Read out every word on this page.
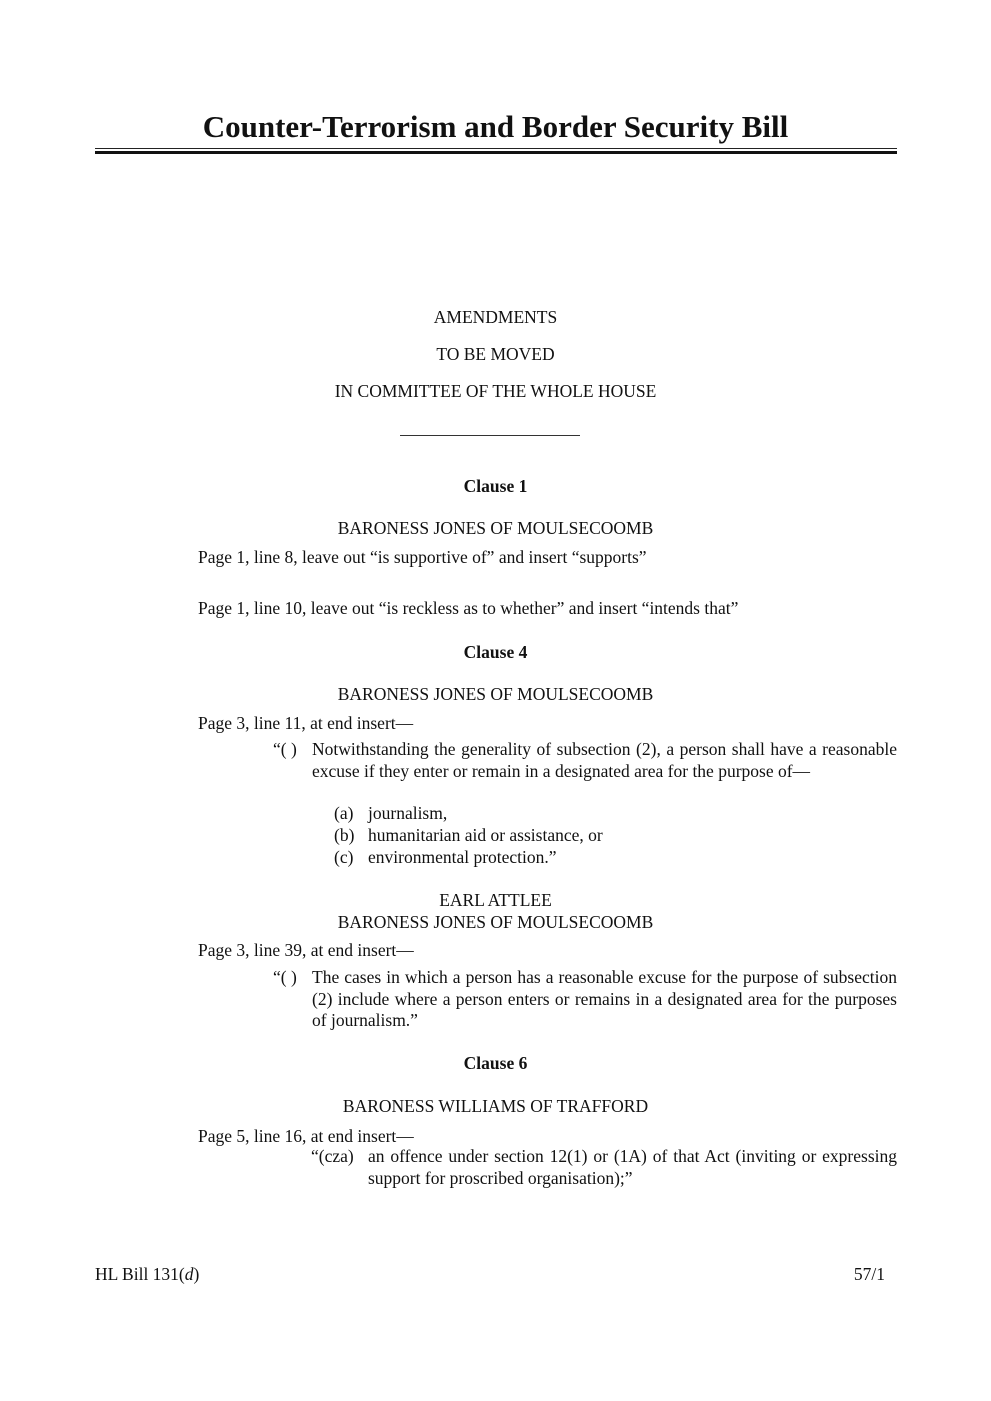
Counter-Terrorism and Border Security Bill
AMENDMENTS
TO BE MOVED
IN COMMITTEE OF THE WHOLE HOUSE
Clause 1
BARONESS JONES OF MOULSECOOMB
Page 1, line 8, leave out “is supportive of” and insert “supports”
Page 1, line 10, leave out “is reckless as to whether” and insert “intends that”
Clause 4
BARONESS JONES OF MOULSECOOMB
Page 3, line 11, at end insert—
“( ) Notwithstanding the generality of subsection (2), a person shall have a reasonable excuse if they enter or remain in a designated area for the purpose of—
(a) journalism,
(b) humanitarian aid or assistance, or
(c) environmental protection.”
EARL ATTLEE
BARONESS JONES OF MOULSECOOMB
Page 3, line 39, at end insert—
“( ) The cases in which a person has a reasonable excuse for the purpose of subsection (2) include where a person enters or remains in a designated area for the purposes of journalism.”
Clause 6
BARONESS WILLIAMS OF TRAFFORD
Page 5, line 16, at end insert—
“(cza) an offence under section 12(1) or (1A) of that Act (inviting or expressing support for proscribed organisation);”
HL Bill 131(d)	57/1
